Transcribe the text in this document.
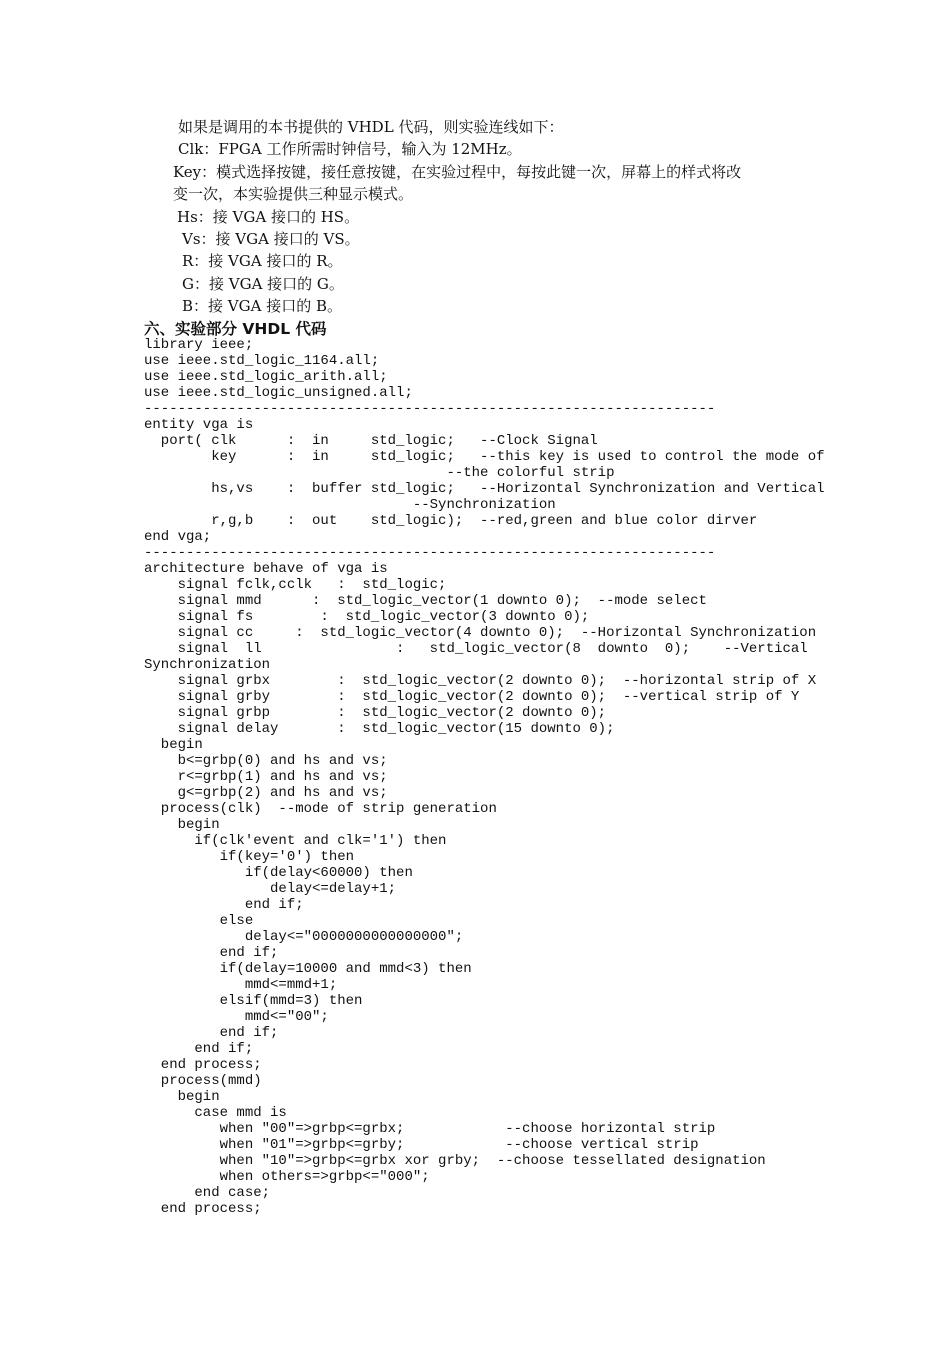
如果是调用的本书提供的 VHDL 代码，则实验连线如下：
Clk：FPGA 工作所需时钟信号，输入为 12MHz。
Key：模式选择按键，接任意按键，在实验过程中，每按此键一次，屏幕上的样式将改
变一次，本实验提供三种显示模式。
Hs：接 VGA 接口的 HS。
Vs：接 VGA 接口的 VS。
R：接 VGA 接口的 R。
G：接 VGA 接口的 G。
B：接 VGA 接口的 B。
六、实验部分 VHDL 代码
library ieee;
use ieee.std_logic_1164.all;
use ieee.std_logic_arith.all;
use ieee.std_logic_unsigned.all;
--------------------------------------------------------------------
entity vga is
port( clk      :  in     std_logic;   --Clock Signal
key      :  in     std_logic;   --this key is used to control the mode of
--the colorful strip
hs,vs    :  buffer std_logic;   --Horizontal Synchronization and Vertical
--Synchronization
r,g,b    :  out    std_logic);  --red,green and blue color dirver
end vga;
--------------------------------------------------------------------
architecture behave of vga is
signal fclk,cclk   :  std_logic;
signal mmd      :  std_logic_vector(1 downto 0);  --mode select
signal fs        :  std_logic_vector(3 downto 0);
signal cc     :  std_logic_vector(4 downto 0);  --Horizontal Synchronization
signal  ll                :   std_logic_vector(8  downto  0);    --Vertical
Synchronization
signal grbx        :  std_logic_vector(2 downto 0);  --horizontal strip of X
signal grby        :  std_logic_vector(2 downto 0);  --vertical strip of Y
signal grbp        :  std_logic_vector(2 downto 0);
signal delay       :  std_logic_vector(15 downto 0);
begin
b<=grbp(0) and hs and vs;
r<=grbp(1) and hs and vs;
g<=grbp(2) and hs and vs;
process(clk)  --mode of strip generation
begin
if(clk'event and clk='1') then
if(key='0') then
if(delay<60000) then
delay<=delay+1;
end if;
else
delay<="0000000000000000";
end if;
if(delay=10000 and mmd<3) then
mmd<=mmd+1;
elsif(mmd=3) then
mmd<="00";
end if;
end if;
end process;
process(mmd)
begin
case mmd is
when "00"=>grbp<=grbx;            --choose horizontal strip
when "01"=>grbp<=grby;            --choose vertical strip
when "10"=>grbp<=grbx xor grby;  --choose tessellated designation
when others=>grbp<="000";
end case;
end process;
